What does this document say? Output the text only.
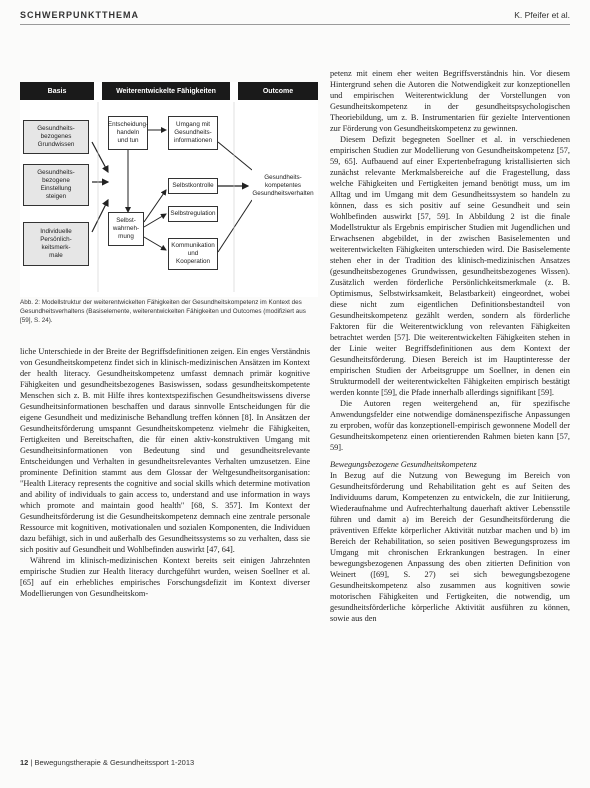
SCHWERPUNKTTHEMA	K. Pfeifer et al.
Basis	Weiterentwickelte Fähigkeiten	Outcome
Gesundheits-
bezogenes
Grundwissen
Gesundheits-
bezogene
Einstellung
steigen
Individuelle
Persönlich-
keitsmerk-
male
Entscheidung-
handeln
und tun
Umgang mit
Gesundheits-
informationen
Selbstkontrolle
Selbst-
wahrneh-
mung
Selbstregulation
Kommunikation
und
Kooperation
Gesundheits-
kompetentes
Gesundheitsverhalten
Abb. 2: Modellstruktur der weiterentwickelten Fähigkeiten der Gesundheitskompetenz im Kontext des Gesundheitsverhaltens (Basiselemente, weiterentwickelten Fähigkeiten und Outcomes (modifiziert aus [59], S. 24).

liche Unterschiede in der Breite der Begriffsdefinitionen zeigen. Ein enges Verständnis von Gesundheitskompetenz findet sich in klinisch-medizinischen Ansätzen im Kontext der health literacy. Gesundheitskompetenz umfasst demnach primär kognitive Fähigkeiten und gesundheitsbezogenes Basiswissen, sodass gesundheitskompetente Menschen sich z. B. mit Hilfe ihres kontextspezifischen Gesundheitswissens diverse Gesundheitsinformationen beschaffen und daraus sinnvolle Entscheidungen für die eigene Gesundheit und medizinische Behandlung treffen können [8]. In Ansätzen der Gesundheitsförderung umspannt Gesundheitskompetenz vielmehr die Fähigkeiten, Fertigkeiten und Bereitschaften, die für einen aktiv-konstruktiven Umgang mit Gesundheitsinformationen von Bedeutung sind und gesundheitsrelevante Entscheidungen und Verhalten in gesundheitsrelevantes Verhalten umzusetzen. Eine prominente Definition stammt aus dem Glossar der Weltgesundheitsorganisation: "Health Literacy represents the cognitive and social skills which determine motivation and ability of individuals to gain access to, understand and use information in ways which promote and maintain good health" [68, S. 357]. Im Kontext der Gesundheitsförderung ist die Gesundheitskompetenz demnach eine zentrale personale Ressource mit kognitiven, motivationalen und sozialen Komponenten, die Individuen dazu befähigt, sich in und außerhalb des Gesundheitssystems so zu verhalten, dass sie sich positiv auf Gesundheit und Wohlbefinden auswirkt [47, 64].

Während im klinisch-medizinischen Kontext bereits seit einigen Jahrzehnten empirische Studien zur Health literacy durchgeführt wurden, weisen Soellner et al. [65] auf ein erhebliches empirisches Forschungsdefizit im Kontext diverser Modellierungen von Gesundheitskom-

petenz mit einem eher weiten Begriffsverständnis hin. Vor diesem Hintergrund sehen die Autoren die Notwendigkeit zur konzeptionellen und empirischen Weiterentwicklung der Vorstellungen von Gesundheitskompetenz in der gesundheitspsychologischen Theoriebildung, um z. B. Instrumentarien für gezielte Interventionen zur Förderung von Gesundheitskompetenz zu gewinnen.

Diesem Defizit begegneten Soellner et al. in verschiedenen empirischen Studien zur Modellierung von Gesundheitskompetenz [57, 59, 65]. Aufbauend auf einer Expertenbefragung kristallisierten sich zunächst relevante Merkmalsbereiche auf die Fragestellung, dass welche Fähigkeiten und Fertigkeiten jemand benötigt muss, um im Alltag und im Umgang mit dem Gesundheitssystem so handeln zu können, dass es sich positiv auf seine Gesundheit und sein Wohlbefinden auswirkt [57, 59]. In Abbildung 2 ist die finale Modellstruktur als Ergebnis empirischer Studien mit Jugendlichen und Erwachsenen abgebildet, in der zwischen Basiselementen und weiterentwickelten Fähigkeiten unterschieden wird. Die Basiselemente stehen eher in der Tradition des klinisch-medizinischen Ansatzes (gesundheitsbezogenes Grundwissen, gesundheitsbezogenes Wissen). Zusätzlich werden förderliche Persönlichkeitsmerkmale (z. B. Optimismus, Selbstwirksamkeit, Belastbarkeit) eingeordnet, wobei diese nicht zum eigentlichen Definitionsbestandteil von Gesundheitskompetenz gezählt werden, sondern als förderliche Faktoren für die Weiterentwicklung von relevanten Fähigkeiten betrachtet werden [57]. Die weiterentwickelten Fähigkeiten stehen in der Linie weiter Begriffsdefinitionen aus dem Kontext der Gesundheitsförderung. Diesen Bereich ist im Hauptinteresse der empirischen Studien der Arbeitsgruppe um Soellner, in denen ein Strukturmodell der weiterentwickelten Fähigkeiten empirisch bestätigt werden konnte [59], die Pfade innerhalb allerdings signifikant [59].

Die Autoren regen weitergehend an, für spezifische Anwendungsfelder eine notwendige domänenspezifische Anpassungen zu erproben, wofür das konzeptionell-empirisch gewonnene Modell der Gesundheitskompetenz einen orientierenden Rahmen bieten kann [57, 59].

Bewegungsbezogene Gesundheitskompetenz

In Bezug auf die Nutzung von Bewegung im Bereich von Gesundheitsförderung und Rehabilitation geht es auf Seiten des Individuums darum, Kompetenzen zu entwickeln, die zur Initiierung, Wiederaufnahme und Aufrechterhaltung dauerhaft aktiver Lebensstile führen und damit a) im Bereich der Gesundheitsförderung die präventiven Effekte körperlicher Aktivität nutzbar machen und b) im Bereich der Rehabilitation, so seien positiven Bewegungsprozess im Umgang mit chronischen Erkrankungen bestragen. In einer bewegungsbezogenen Anpassung des oben zitierten Definition von Weinert ([69], S. 27) sei sich bewegungsbezogene Gesundheitskompetenz also zusammen aus kognitiven sowie motorischen Fähigkeiten und Fertigkeiten, die notwendig, um gesundheitsförderliche körperliche Aktivität ausführen zu können, sowie aus den

12 | Bewegungstherapie & Gesundheitssport 1-2013
